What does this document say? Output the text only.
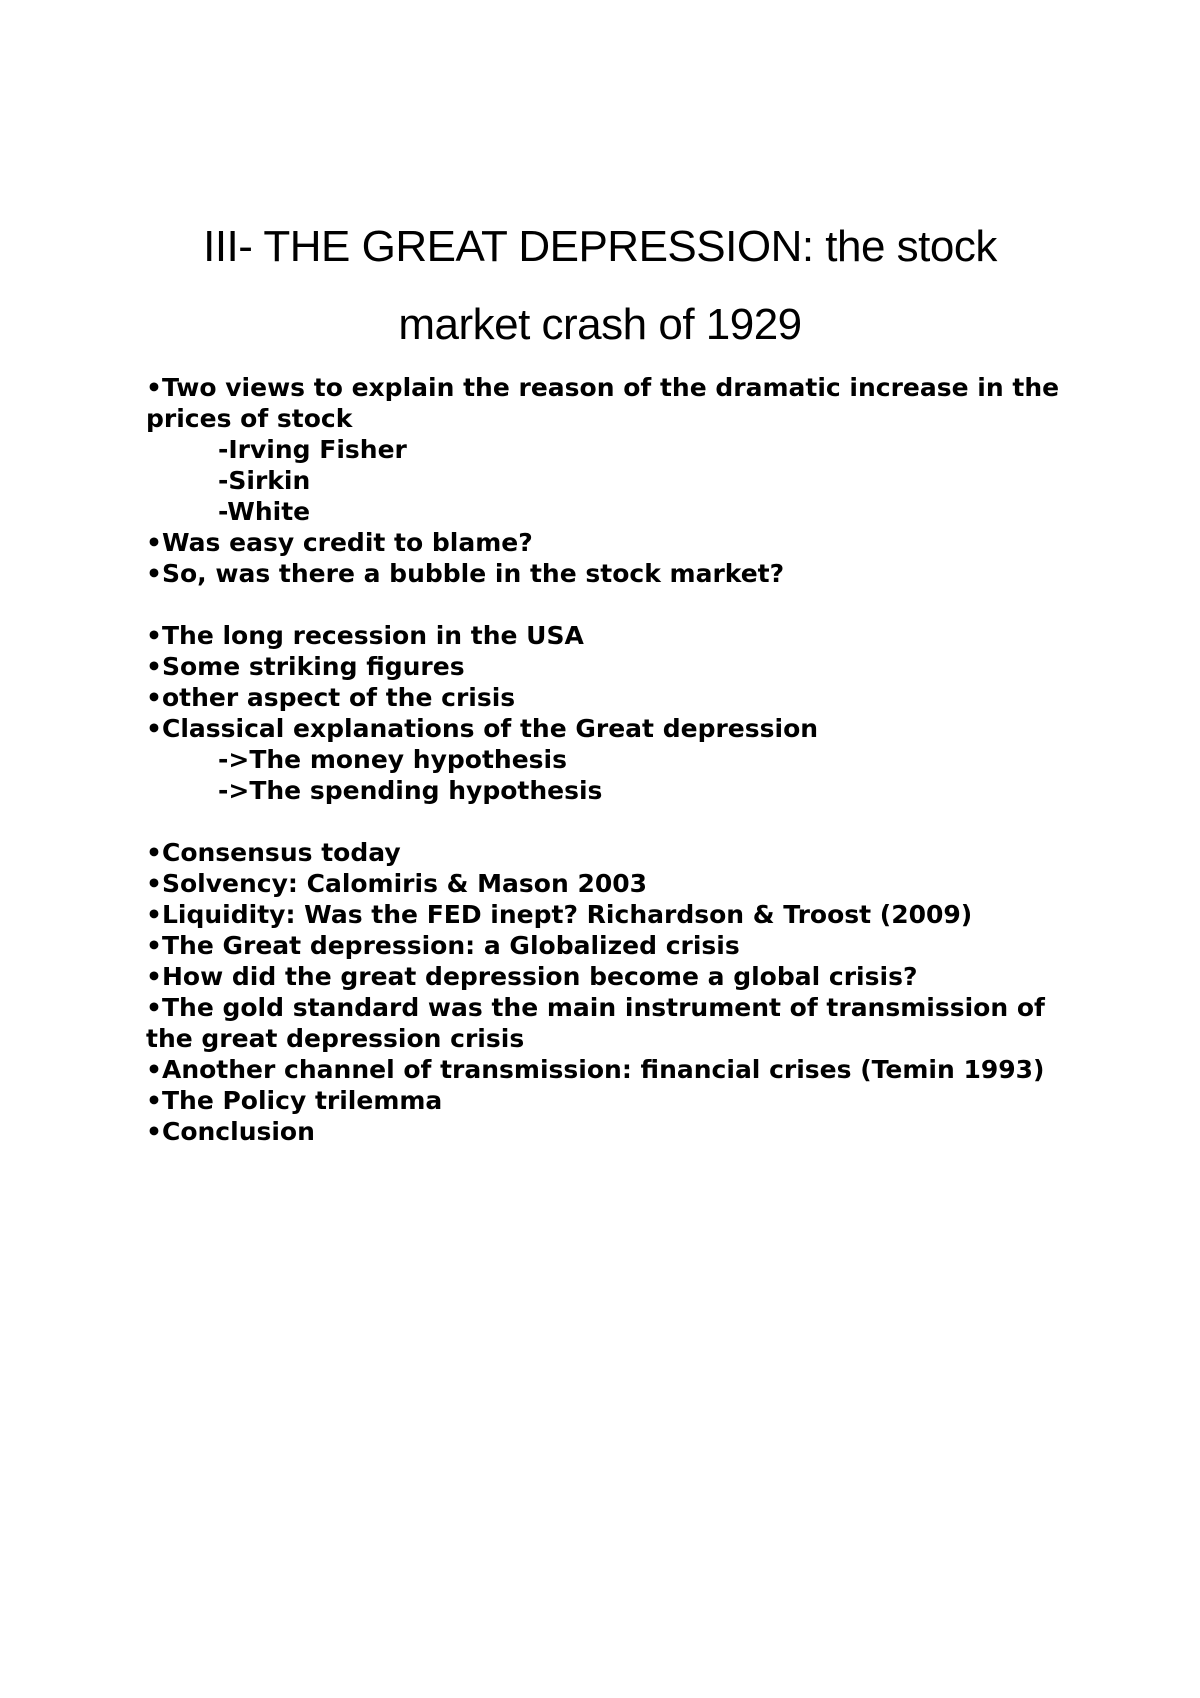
III- THE GREAT DEPRESSION: the stock
market crash of 1929
•Two views to explain the reason of the dramatic increase in the prices of stock
-Irving Fisher
-Sirkin
-White
•Was easy credit to blame?
•So, was there a bubble in the stock market?
•The long recession in the USA
•Some striking figures
•other aspect of the crisis
•Classical explanations of the Great depression
->The money hypothesis
->The spending hypothesis
•Consensus today
•Solvency: Calomiris & Mason 2003
•Liquidity: Was the FED inept? Richardson & Troost (2009)
•The Great depression: a Globalized crisis
•How did the great depression become a global crisis?
•The gold standard was the main instrument of transmission of the great depression crisis
•Another channel of transmission: financial crises (Temin 1993)
•The Policy trilemma
•Conclusion
